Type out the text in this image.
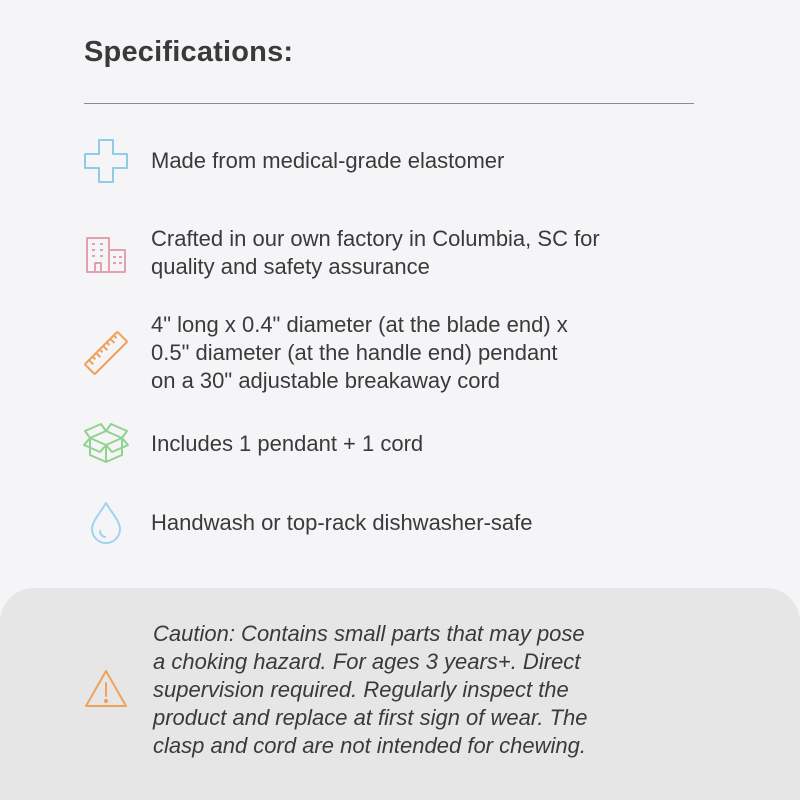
Specifications:
Made from medical-grade elastomer
Crafted in our own factory in Columbia, SC for
quality and safety assurance
4" long x 0.4" diameter (at the blade end) x
0.5" diameter (at the handle end) pendant
on a 30" adjustable breakaway cord
Includes 1 pendant + 1 cord
Handwash or top-rack dishwasher-safe
Caution: Contains small parts that may pose
a choking hazard. For ages 3 years+. Direct
supervision required. Regularly inspect the
product and replace at first sign of wear. The
clasp and cord are not intended for chewing.
